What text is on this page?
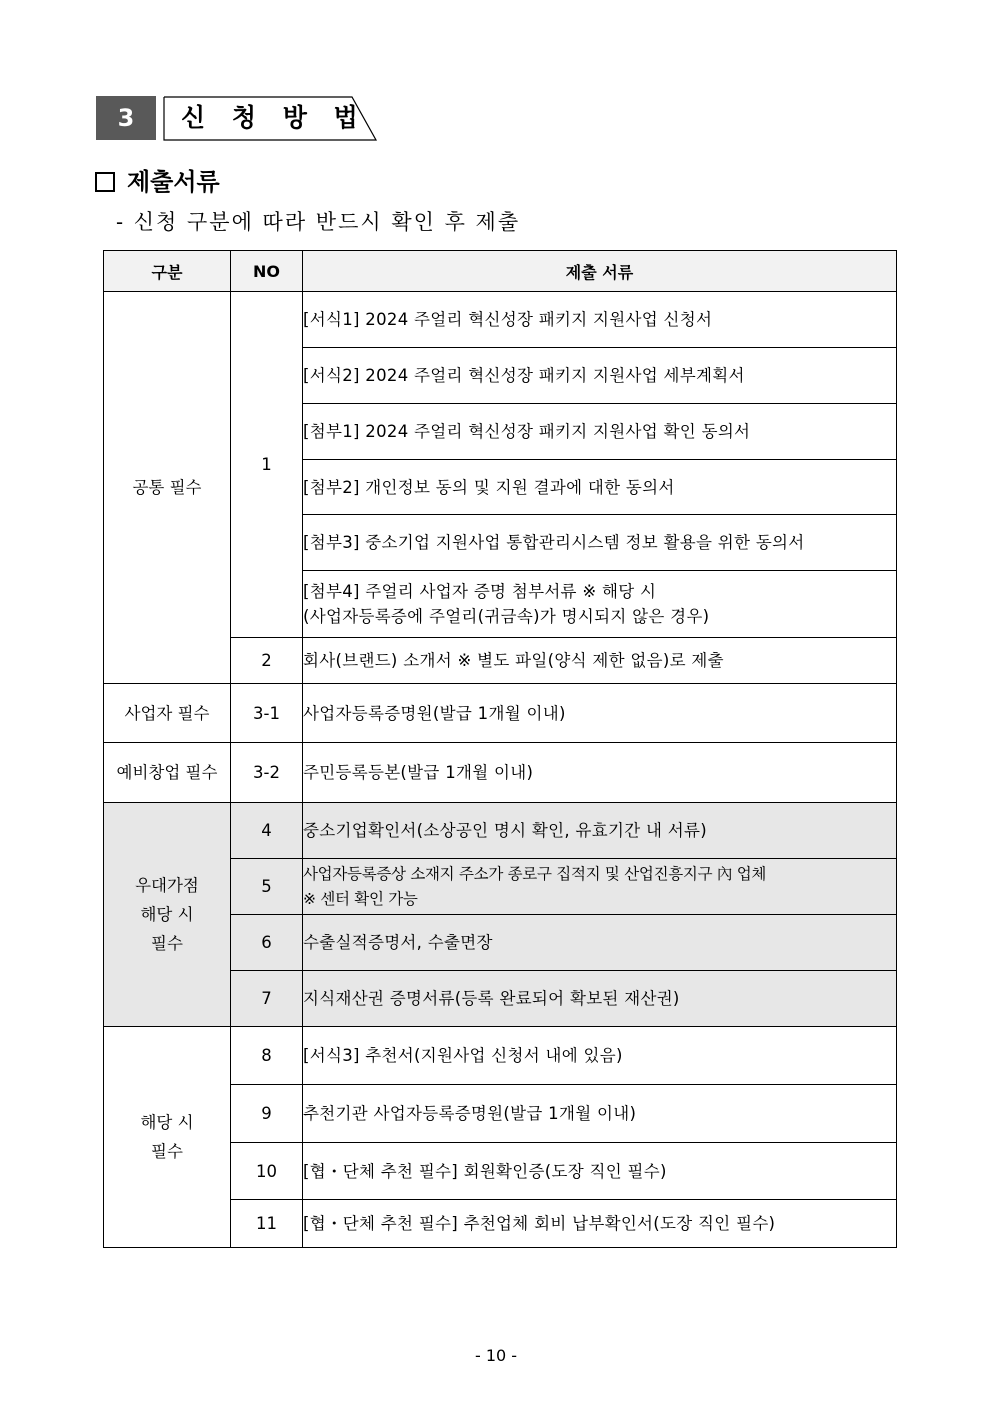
3	신 청 방 법
제출서류
- 신청 구분에 따라 반드시 확인 후 제출
구분	NO	제출 서류
공통 필수	1	[서식1] 2024 주얼리 혁신성장 패키지 지원사업 신청서
		[서식2] 2024 주얼리 혁신성장 패키지 지원사업 세부계획서
		[첨부1] 2024 주얼리 혁신성장 패키지 지원사업 확인 동의서
		[첨부2] 개인정보 동의 및 지원 결과에 대한 동의서
		[첨부3] 중소기업 지원사업 통합관리시스템 정보 활용을 위한 동의서

		[첨부4] 주얼리 사업자 증명 첨부서류 ※ 해당 시
(사업자등록증에 주얼리(귀금속)가 명시되지 않은 경우)

	2	회사(브랜드) 소개서 ※ 별도 파일(양식 제한 없음)로 제출
사업자 필수	3-1	사업자등록증명원(발급 1개월 이내)
예비창업 필수	3-2	주민등록등본(발급 1개월 이내)

우대가점
해당 시
필수	4	중소기업확인서(소상공인 명시 확인, 유효기간 내 서류)
	5	사업자등록증상 소재지 주소가 종로구 집적지 및 산업진흥지구 內 업체
※ 센터 확인 가능

	6	수출실적증명서, 수출면장
	7	지식재산권 증명서류(등록 완료되어 확보된 재산권)

해당 시
필수	8	[서식3] 추천서(지원사업 신청서 내에 있음)
	9	추천기관 사업자등록증명원(발급 1개월 이내)
	10	[협・단체 추천 필수] 회원확인증(도장 직인 필수)
	11	[협・단체 추천 필수] 추천업체 회비 납부확인서(도장 직인 필수)
- 10 -
